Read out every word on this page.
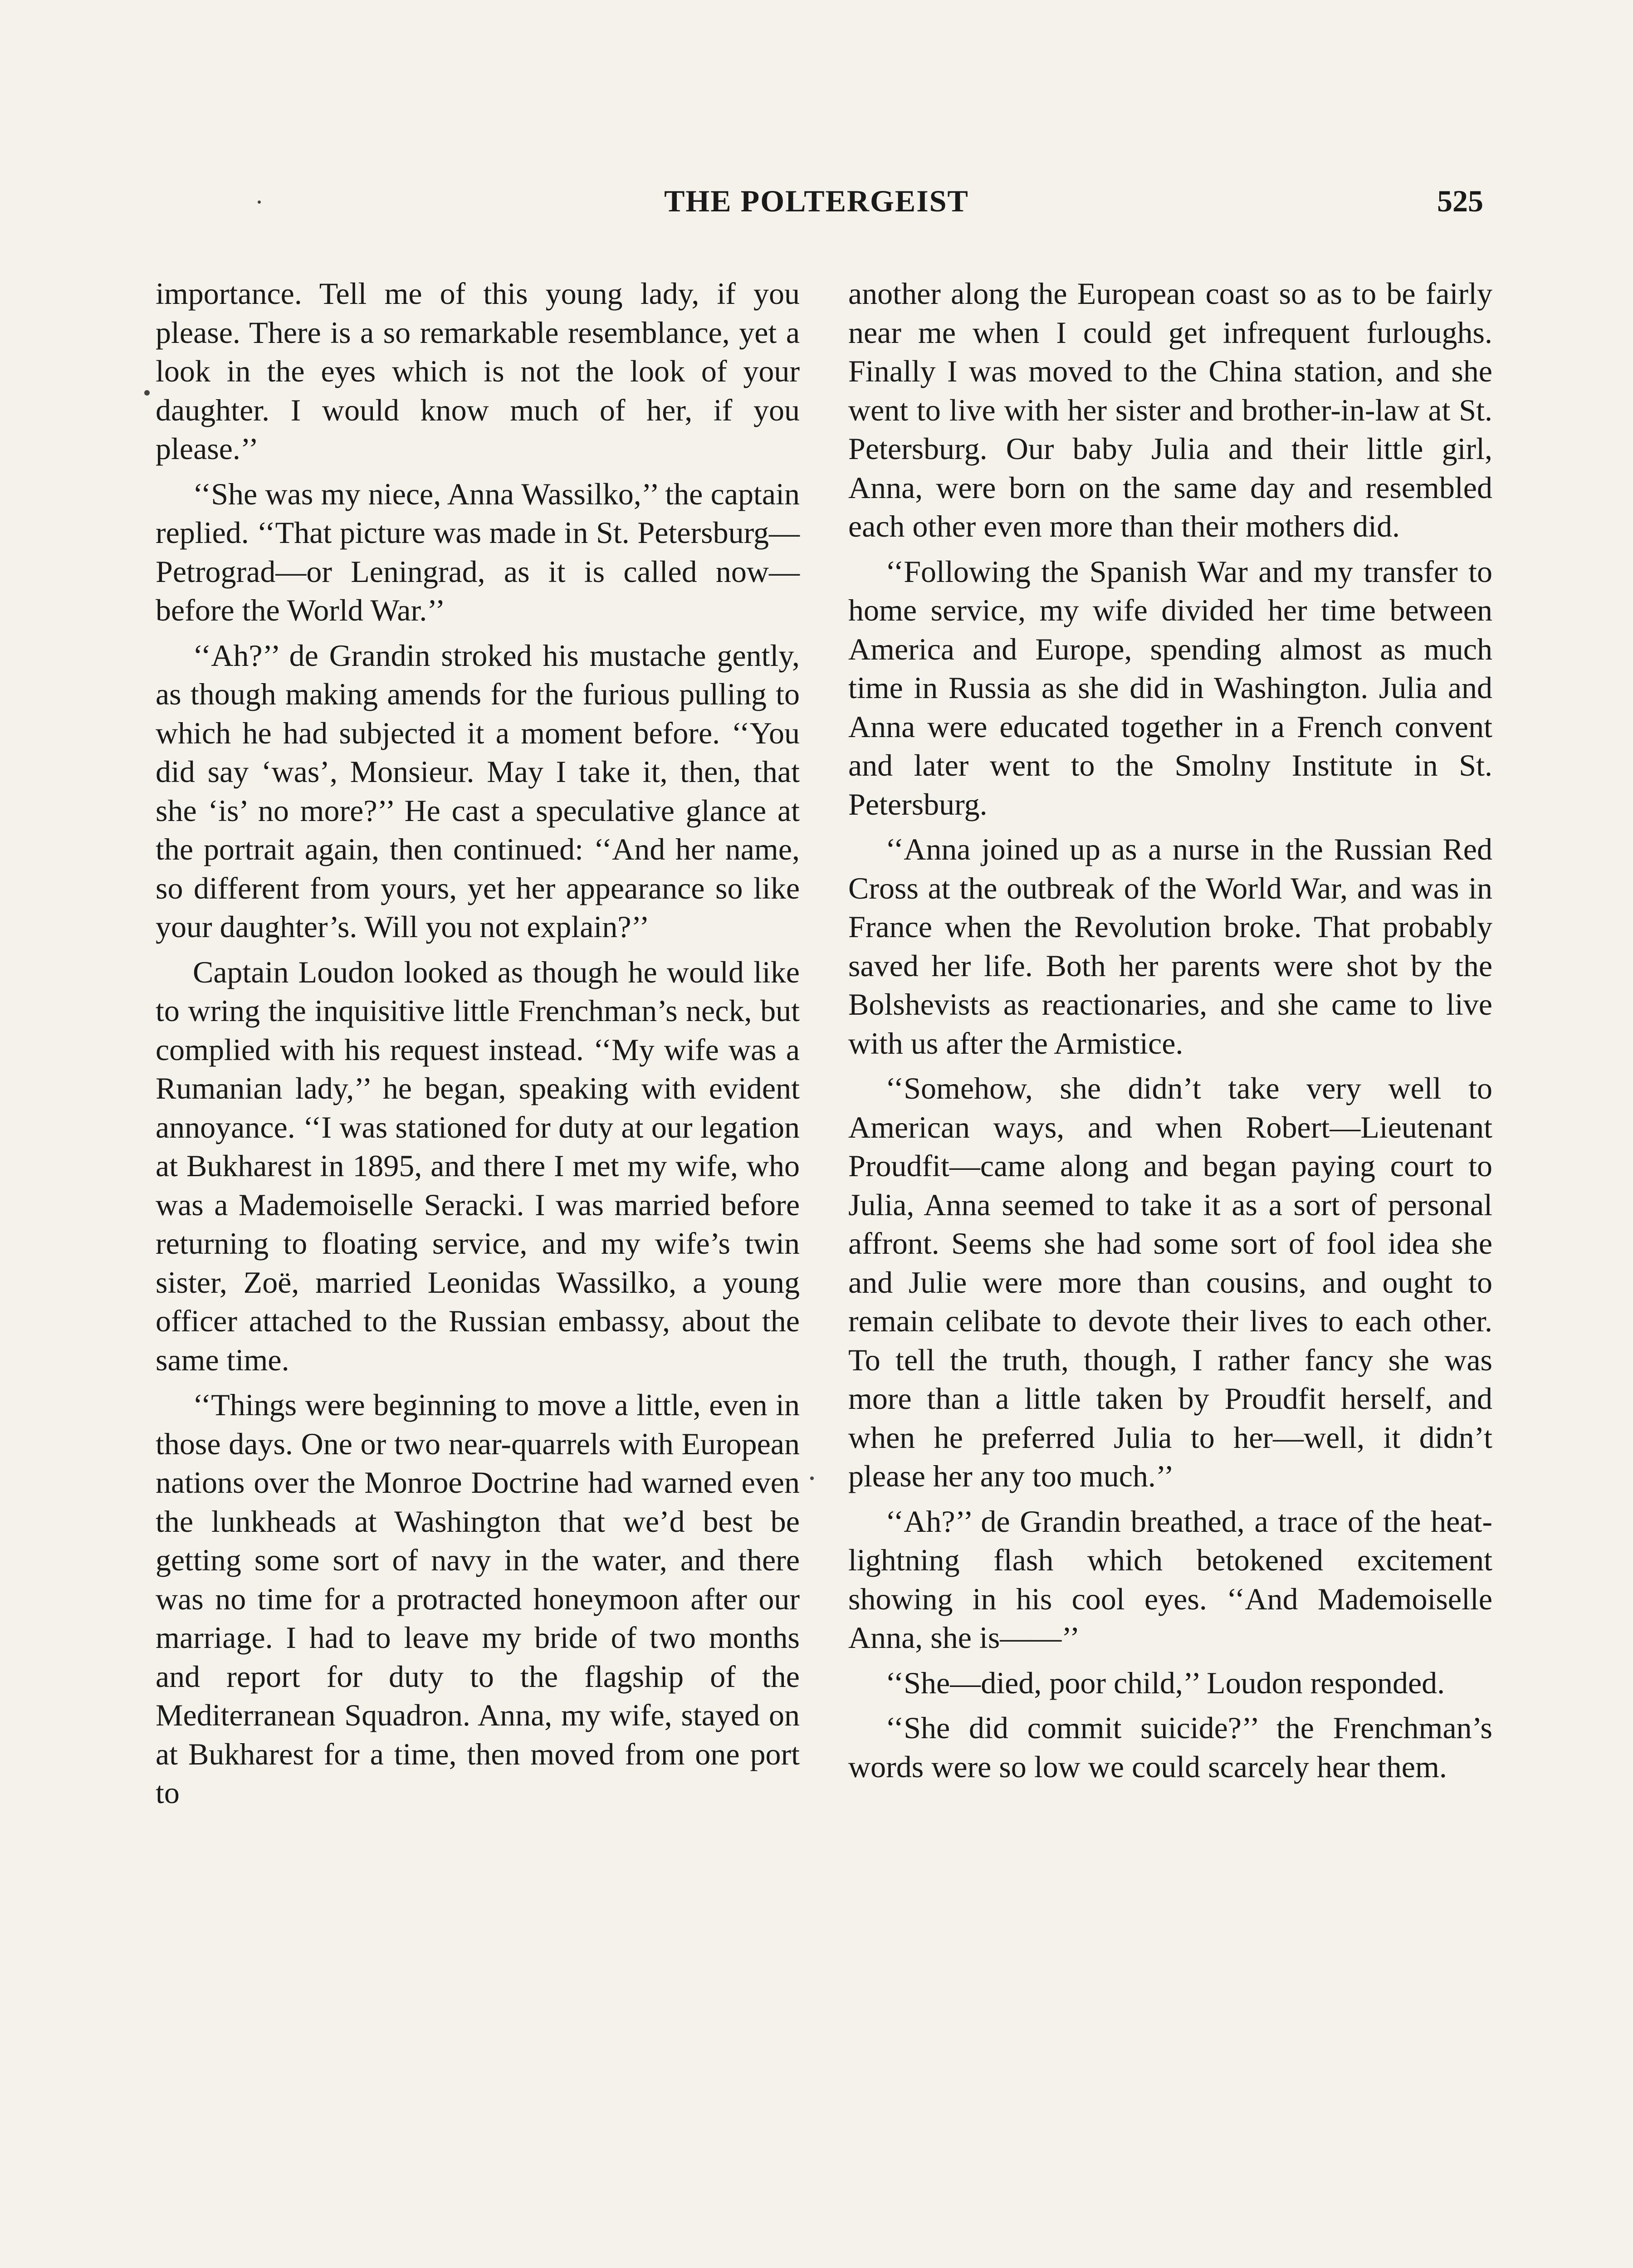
THE POLTERGEIST	525

importance. Tell me of this young lady, if you please. There is a so remarkable resemblance, yet a look in the eyes which is not the look of your daughter. I would know much of her, if you please.’’

‘‘She was my niece, Anna Wassilko,’’ the captain replied. ‘‘That picture was made in St. Petersburg—Petrograd—or Leningrad, as it is called now—before the World War.’’

‘‘Ah?’’ de Grandin stroked his mustache gently, as though making amends for the furious pulling to which he had subjected it a moment before. ‘‘You did say ‘was’, Monsieur. May I take it, then, that she ‘is’ no more?’’ He cast a speculative glance at the portrait again, then continued: ‘‘And her name, so different from yours, yet her appearance so like your daughter’s. Will you not explain?’’

Captain Loudon looked as though he would like to wring the inquisitive little Frenchman’s neck, but complied with his request instead. ‘‘My wife was a Rumanian lady,’’ he began, speaking with evident annoyance. ‘‘I was stationed for duty at our legation at Bukharest in 1895, and there I met my wife, who was a Mademoiselle Seracki. I was married before returning to floating service, and my wife’s twin sister, Zoë, married Leonidas Wassilko, a young officer attached to the Russian embassy, about the same time.

‘‘Things were beginning to move a little, even in those days. One or two near-quarrels with European nations over the Monroe Doctrine had warned even the lunkheads at Washington that we’d best be getting some sort of navy in the water, and there was no time for a protracted honeymoon after our marriage. I had to leave my bride of two months and report for duty to the flagship of the Mediterranean Squadron. Anna, my wife, stayed on at Bukharest for a time, then moved from one port to

another along the European coast so as to be fairly near me when I could get infrequent furloughs. Finally I was moved to the China station, and she went to live with her sister and brother-in-law at St. Petersburg. Our baby Julia and their little girl, Anna, were born on the same day and resembled each other even more than their mothers did.

‘‘Following the Spanish War and my transfer to home service, my wife divided her time between America and Europe, spending almost as much time in Russia as she did in Washington. Julia and Anna were educated together in a French convent and later went to the Smolny Institute in St. Petersburg.

‘‘Anna joined up as a nurse in the Russian Red Cross at the outbreak of the World War, and was in France when the Revolution broke. That probably saved her life. Both her parents were shot by the Bolshevists as reactionaries, and she came to live with us after the Armistice.

‘‘Somehow, she didn’t take very well to American ways, and when Robert—Lieutenant Proudfit—came along and began paying court to Julia, Anna seemed to take it as a sort of personal affront. Seems she had some sort of fool idea she and Julie were more than cousins, and ought to remain celibate to devote their lives to each other. To tell the truth, though, I rather fancy she was more than a little taken by Proudfit herself, and when he preferred Julia to her—well, it didn’t please her any too much.’’

‘‘Ah?’’ de Grandin breathed, a trace of the heat-lightning flash which betokened excitement showing in his cool eyes. ‘‘And Mademoiselle Anna, she is——’’

‘‘She—died, poor child,’’ Loudon responded.

‘‘She did commit suicide?’’ the Frenchman’s words were so low we could scarcely hear them.
